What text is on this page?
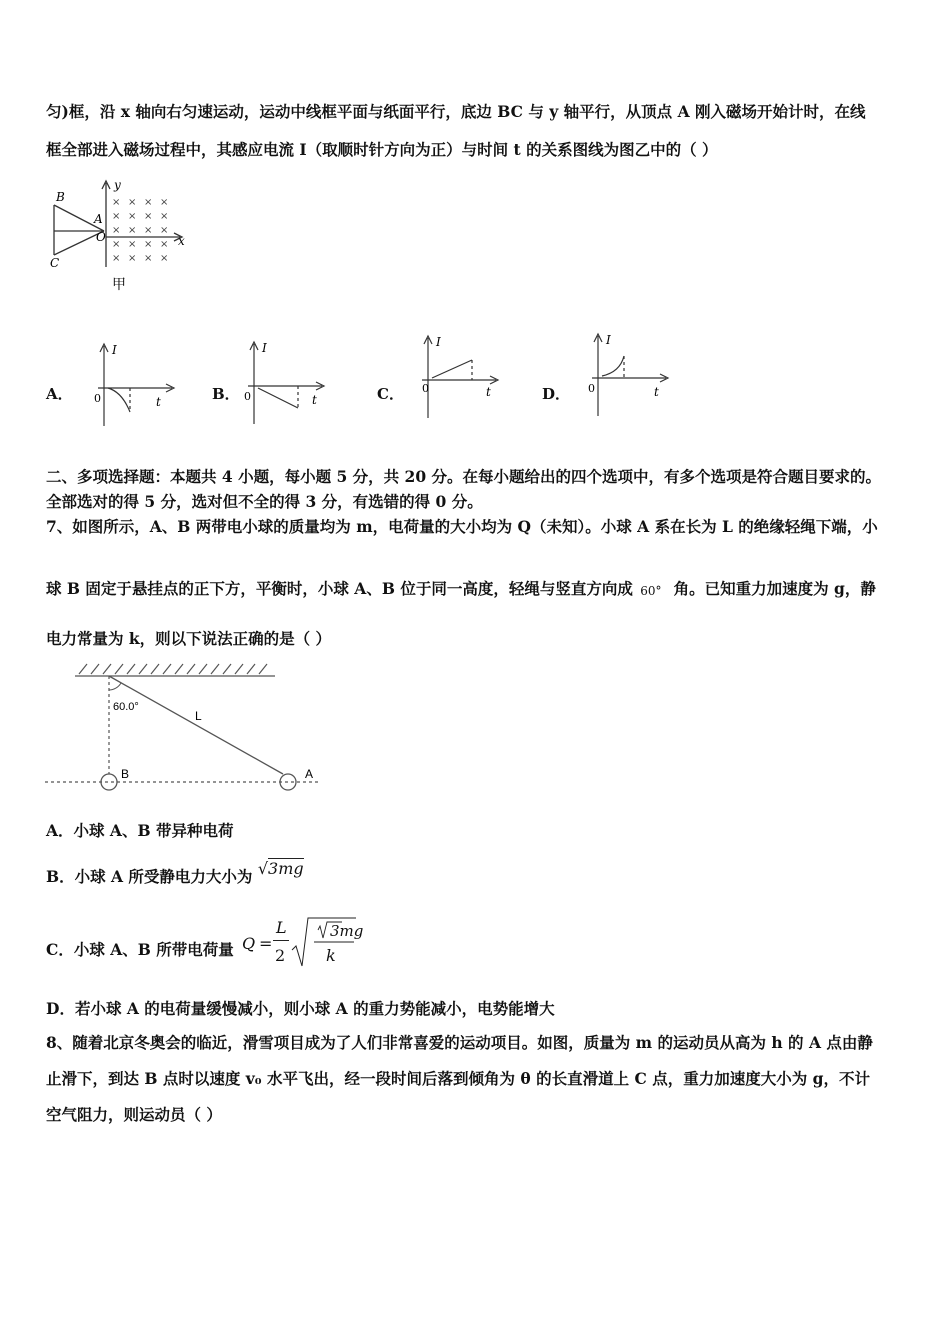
匀)框，沿 x 轴向右匀速运动，运动中线框平面与纸面平行，底边 BC 与 y 轴平行，从顶点 A 刚入磁场开始计时，在线
框全部进入磁场过程中，其感应电流 I（取顺时针方向为正）与时间 t 的关系图线为图乙中的（ ）
× × × ×
× × × ×
× × × ×
× × × ×
× × × ×
B
A
C
O	x
y
甲
A．
I
t
0	B．
I
t
0	C．
I
t
0	D．
I
t
0
二、多项选择题：本题共 4 小题，每小题 5 分，共 20 分。在每小题给出的四个选项中，有多个选项是符合题目要求的。
全部选对的得 5 分，选对但不全的得 3 分，有选错的得 0 分。
7、如图所示，A、B 两带电小球的质量均为 m，电荷量的大小均为 Q（未知）。小球 A 系在长为 L 的绝缘轻绳下端，小
球 B 固定于悬挂点的正下方，平衡时，小球 A、B 位于同一高度，轻绳与竖直方向成 60° 角。已知重力加速度为 g，静
电力常量为 k，则以下说法正确的是（ ）
60.0°
L
B	A
A．小球 A、B 带异种电荷
B．小球 A 所受静电力大小为 √3mg
C．小球 A、B 所带电荷量 Q =
L
2
3mg
k
D．若小球 A 的电荷量缓慢减小，则小球 A 的重力势能减小，电势能增大
8、随着北京冬奥会的临近，滑雪项目成为了人们非常喜爱的运动项目。如图，质量为 m 的运动员从高为 h 的 A 点由静
止滑下，到达 B 点时以速度 v₀ 水平飞出，经一段时间后落到倾角为 θ 的长直滑道上 C 点，重力加速度大小为 g，不计
空气阻力，则运动员（ ）
